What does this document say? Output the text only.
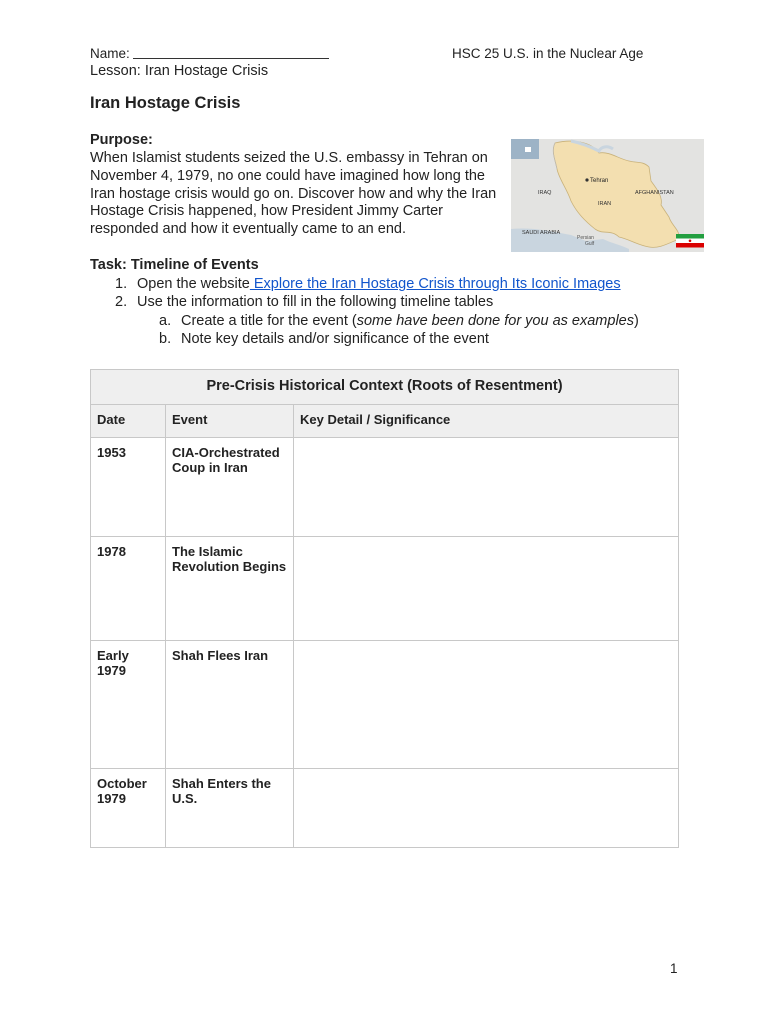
Name:	HSC 25 U.S. in the Nuclear Age
Lesson: Iran Hostage Crisis
Iran Hostage Crisis
Purpose:
When Islamist students seized the U.S. embassy in Tehran on November 4, 1979, no one could have imagined how long the Iran hostage crisis would go on. Discover how and why the Iran Hostage Crisis happened, how President Jimmy Carter responded and how it eventually came to an end.
Tehran
IRAQ
IRAN
AFGHANISTAN
SAUDI ARABIA
Persian
Gulf
Task: Timeline of Events
1. Open the website Explore the Iran Hostage Crisis through Its Iconic Images
2. Use the information to fill in the following timeline tables
a. Create a title for the event (some have been done for you as examples)
b. Note key details and/or significance of the event
Pre-Crisis Historical Context (Roots of Resentment)		
Date	Event	Key Detail / Significance
1953	CIA-Orchestrated Coup in Iran	
1978	The Islamic Revolution Begins	
Early 1979	Shah Flees Iran	
October 1979	Shah Enters the U.S.	
1
